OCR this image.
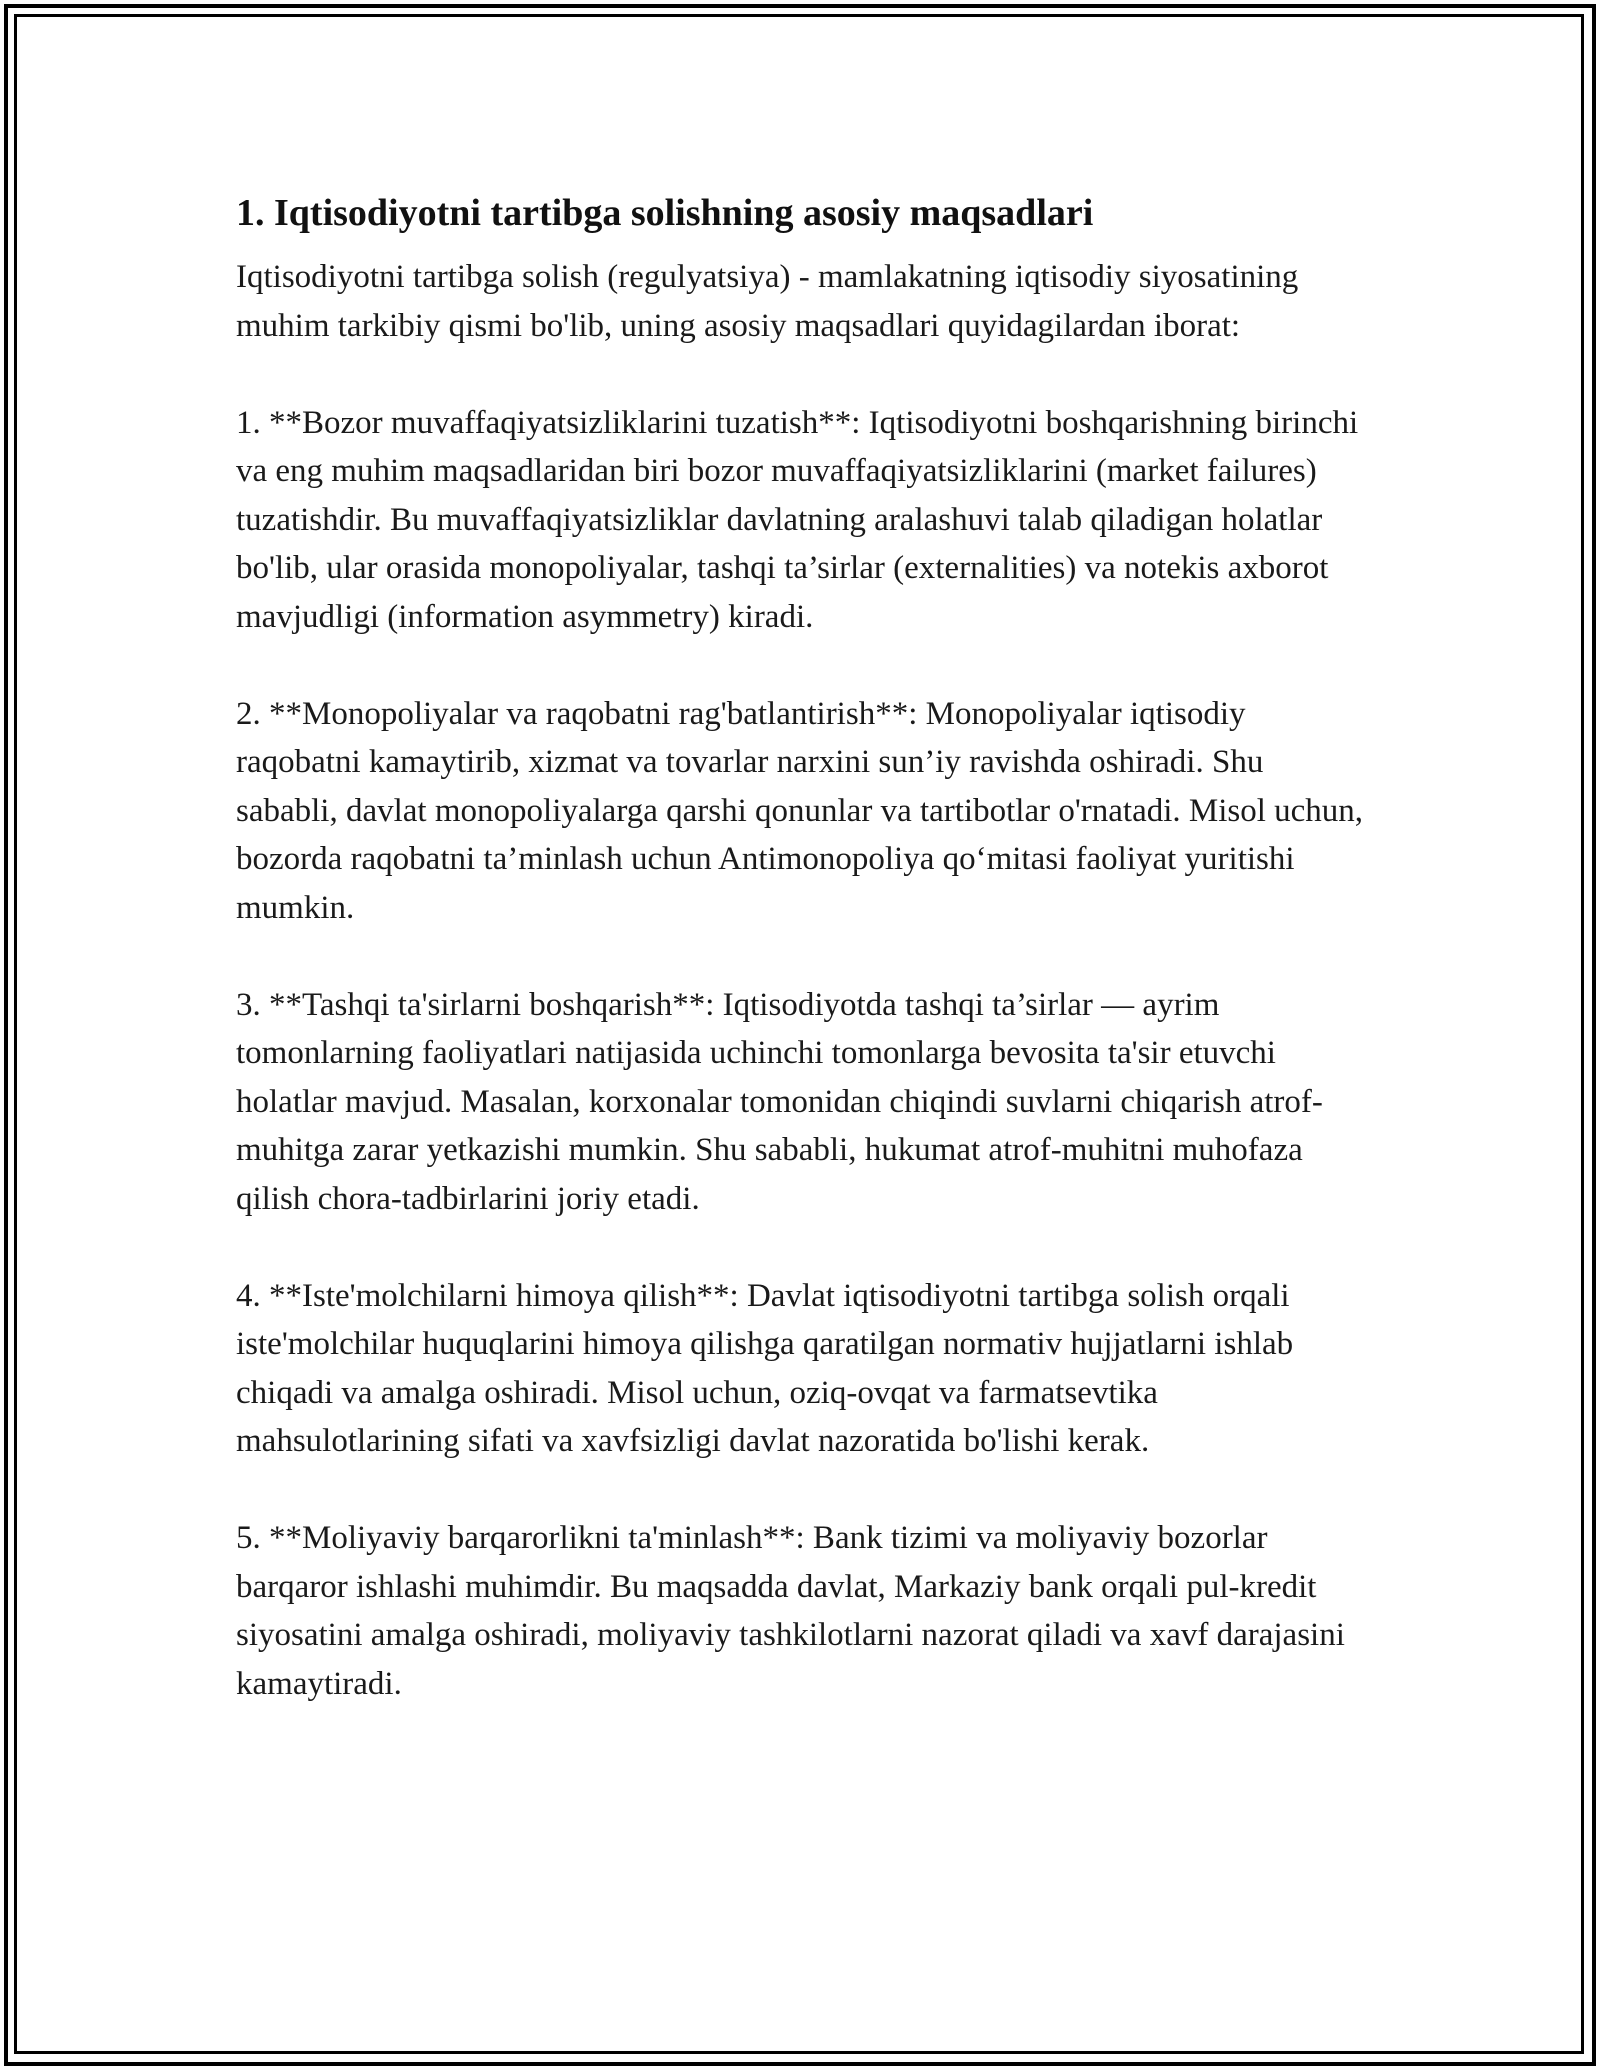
1. Iqtisodiyotni tartibga solishning asosiy maqsadlari

Iqtisodiyotni tartibga solish (regulyatsiya) - mamlakatning iqtisodiy siyosatining muhim tarkibiy qismi bo'lib, uning asosiy maqsadlari quyidagilardan iborat:

1. **Bozor muvaffaqiyatsizliklarini tuzatish**: Iqtisodiyotni boshqarishning birinchi va eng muhim maqsadlaridan biri bozor muvaffaqiyatsizliklarini (market failures) tuzatishdir. Bu muvaffaqiyatsizliklar davlatning aralashuvi talab qiladigan holatlar bo'lib, ular orasida monopoliyalar, tashqi ta’sirlar (externalities) va notekis axborot mavjudligi (information asymmetry) kiradi.

2. **Monopoliyalar va raqobatni rag'batlantirish**: Monopoliyalar iqtisodiy raqobatni kamaytirib, xizmat va tovarlar narxini sun’iy ravishda oshiradi. Shu sababli, davlat monopoliyalarga qarshi qonunlar va tartibotlar o'rnatadi. Misol uchun, bozorda raqobatni ta’minlash uchun Antimonopoliya qo‘mitasi faoliyat yuritishi mumkin.

3. **Tashqi ta'sirlarni boshqarish**: Iqtisodiyotda tashqi ta’sirlar — ayrim tomonlarning faoliyatlari natijasida uchinchi tomonlarga bevosita ta'sir etuvchi holatlar mavjud. Masalan, korxonalar tomonidan chiqindi suvlarni chiqarish atrof-muhitga zarar yetkazishi mumkin. Shu sababli, hukumat atrof-muhitni muhofaza qilish chora-tadbirlarini joriy etadi.

4. **Iste'molchilarni himoya qilish**: Davlat iqtisodiyotni tartibga solish orqali iste'molchilar huquqlarini himoya qilishga qaratilgan normativ hujjatlarni ishlab chiqadi va amalga oshiradi. Misol uchun, oziq-ovqat va farmatsevtika mahsulotlarining sifati va xavfsizligi davlat nazoratida bo'lishi kerak.

5. **Moliyaviy barqarorlikni ta'minlash**: Bank tizimi va moliyaviy bozorlar barqaror ishlashi muhimdir. Bu maqsadda davlat, Markaziy bank orqali pul-kredit siyosatini amalga oshiradi, moliyaviy tashkilotlarni nazorat qiladi va xavf darajasini kamaytiradi.
